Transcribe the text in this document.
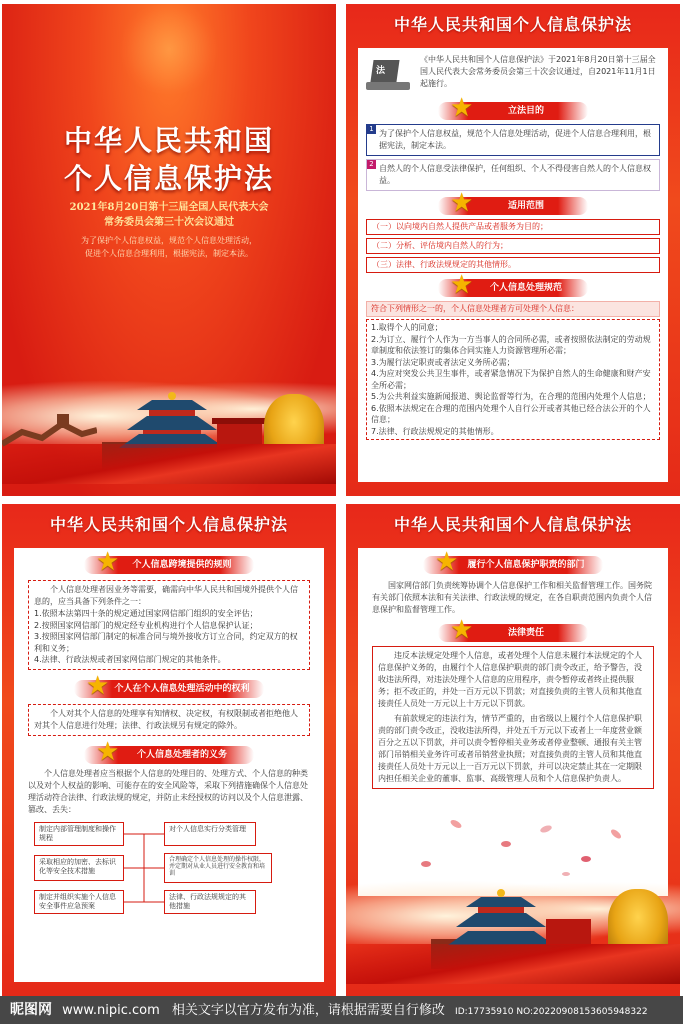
中华人民共和国
个人信息保护法
2021年8月20日第十三届全国人民代表大会
常务委员会第三十次会议通过
为了保护个人信息权益，规范个人信息处理活动，
促进个人信息合理利用，根据宪法，制定本法。
中华人民共和国个人信息保护法
法
《中华人民共和国个人信息保护法》于2021年8月20日第十三届全国人民代表大会常务委员会第三十次会议通过，自2021年11月1日起施行。
★	立法目的
1 为了保护个人信息权益，规范个人信息处理活动，促进个人信息合理利用，根据宪法，制定本法。
2 自然人的个人信息受法律保护，任何组织、个人不得侵害自然人的个人信息权益。
★	适用范围
（一）以向境内自然人提供产品或者服务为目的；
（二）分析、评估境内自然人的行为；
（三）法律、行政法规规定的其他情形。
★ 个人信息处理规范
符合下列情形之一的，个人信息处理者方可处理个人信息：
1.取得个人的同意；
2.为订立、履行个人作为一方当事人的合同所必需，或者按照依法制定的劳动规章制度和依法签订的集体合同实施人力资源管理所必需；
3.为履行法定职责或者法定义务所必需；
4.为应对突发公共卫生事件，或者紧急情况下为保护自然人的生命健康和财产安全所必需；
5.为公共利益实施新闻报道、舆论监督等行为，在合理的范围内处理个人信息；
6.依照本法规定在合理的范围内处理个人自行公开或者其他已经合法公开的个人信息；
7.法律、行政法规规定的其他情形。
中华人民共和国个人信息保护法
★ 个人信息跨境提供的规则
个人信息处理者因业务等需要，确需向中华人民共和国境外提供个人信息的，应当具备下列条件之一：
1.依照本法第四十条的规定通过国家网信部门组织的安全评估；
2.按照国家网信部门的规定经专业机构进行个人信息保护认证；
3.按照国家网信部门制定的标准合同与境外接收方订立合同，约定双方的权利和义务；
4.法律、行政法规或者国家网信部门规定的其他条件。
★ 个人在个人信息处理活动中的权利
个人对其个人信息的处理享有知情权、决定权，有权限制或者拒绝他人对其个人信息进行处理；法律、行政法规另有规定的除外。
★ 个人信息处理者的义务
个人信息处理者应当根据个人信息的处理目的、处理方式、个人信息的种类以及对个人权益的影响、可能存在的安全风险等，采取下列措施确保个人信息处理活动符合法律、行政法规的规定，并防止未经授权的访问以及个人信息泄露、篡改、丢失：
制定内部管理制度和操作规程
采取相应的加密、去标识化等安全技术措施
制定并组织实施个人信息安全事件应急预案
对个人信息实行分类管理
合理确定个人信息处理的操作权限，并定期对从业人员进行安全教育和培训
法律、行政法规规定的其他措施
中华人民共和国个人信息保护法
★ 履行个人信息保护职责的部门
国家网信部门负责统筹协调个人信息保护工作和相关监督管理工作。国务院有关部门依照本法和有关法律、行政法规的规定，在各自职责范围内负责个人信息保护和监督管理工作。
★	法律责任
违反本法规定处理个人信息，或者处理个人信息未履行本法规定的个人信息保护义务的，由履行个人信息保护职责的部门责令改正，给予警告，没收违法所得，对违法处理个人信息的应用程序，责令暂停或者终止提供服务；拒不改正的，并处一百万元以下罚款；对直接负责的主管人员和其他直接责任人员处一万元以上十万元以下罚款。
有前款规定的违法行为，情节严重的，由省级以上履行个人信息保护职责的部门责令改正，没收违法所得，并处五千万元以下或者上一年度营业额百分之五以下罚款，并可以责令暂停相关业务或者停业整顿、通报有关主管部门吊销相关业务许可或者吊销营业执照；对直接负责的主管人员和其他直接责任人员处十万元以上一百万元以下罚款，并可以决定禁止其在一定期限内担任相关企业的董事、监事、高级管理人员和个人信息保护负责人。
昵图网 www.nipic.com 相关文字以官方发布为准，请根据需要自行修改 ID:17735910 NO:20220908153605948322
